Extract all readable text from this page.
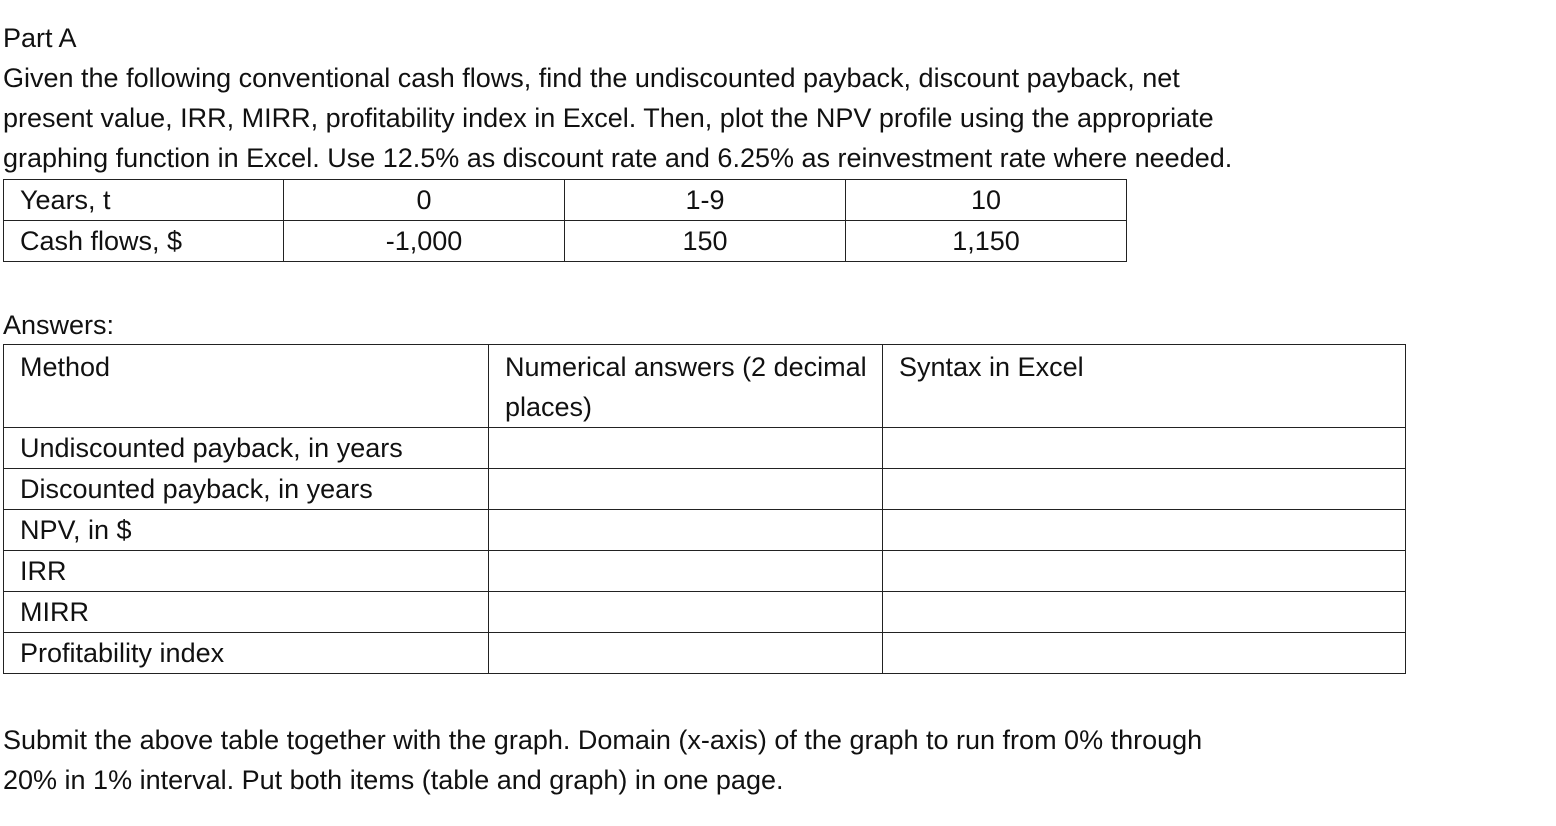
Part A

Given the following conventional cash flows, find the undiscounted payback, discount payback, net

present value, IRR, MIRR, profitability index in Excel. Then, plot the NPV profile using the appropriate

graphing function in Excel. Use 12.5% as discount rate and 6.25% as reinvestment rate where needed.

Years, t	0	1-9	10
Cash flows, $	-1,000	150	1,150

Answers:

Method	Numerical answers (2 decimal places)	Syntax in Excel
Undiscounted payback, in years		
Discounted payback, in years		
NPV, in $		
IRR		
MIRR		
Profitability index		

Submit the above table together with the graph. Domain (x-axis) of the graph to run from 0% through

20% in 1% interval. Put both items (table and graph) in one page.
